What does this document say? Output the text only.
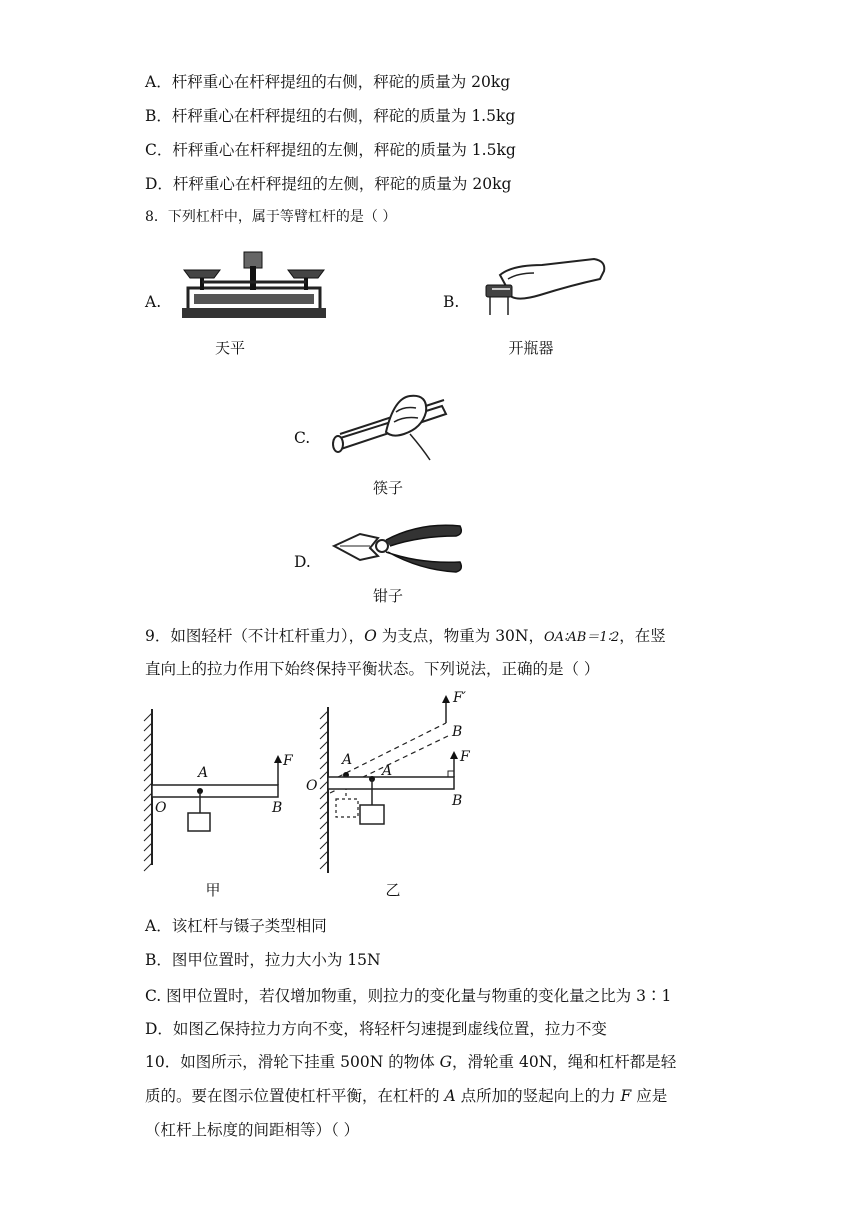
A．杆秤重心在杆秤提纽的右侧，秤砣的质量为 20kg
B．杆秤重心在杆秤提纽的右侧，秤砣的质量为 1.5kg
C．杆秤重心在杆秤提纽的左侧，秤砣的质量为 1.5kg
D．杆秤重心在杆秤提纽的左侧，秤砣的质量为 20kg
8．下列杠杆中，属于等臂杠杆的是（ ）
A.
天平
B.
开瓶器
C.
筷子
D.
钳子
9．如图轻杆（不计杠杆重力），O 为支点，物重为 30N，OA∶AB＝1∶2，在竖
直向上的拉力作用下始终保持平衡状态。下列说法，正确的是（ ）
A
F
O	B
甲
F′
B
A	F
A
O
B
乙
A．该杠杆与镊子类型相同
B．图甲位置时，拉力大小为 15N
C. 图甲位置时，若仅增加物重，则拉力的变化量与物重的变化量之比为 3∶1
D．如图乙保持拉力方向不变，将轻杆匀速提到虚线位置，拉力不变
10．如图所示，滑轮下挂重 500N 的物体 G，滑轮重 40N，绳和杠杆都是轻
质的。要在图示位置使杠杆平衡，在杠杆的 A 点所加的竖起向上的力 F 应是
（杠杆上标度的间距相等）（ ）
